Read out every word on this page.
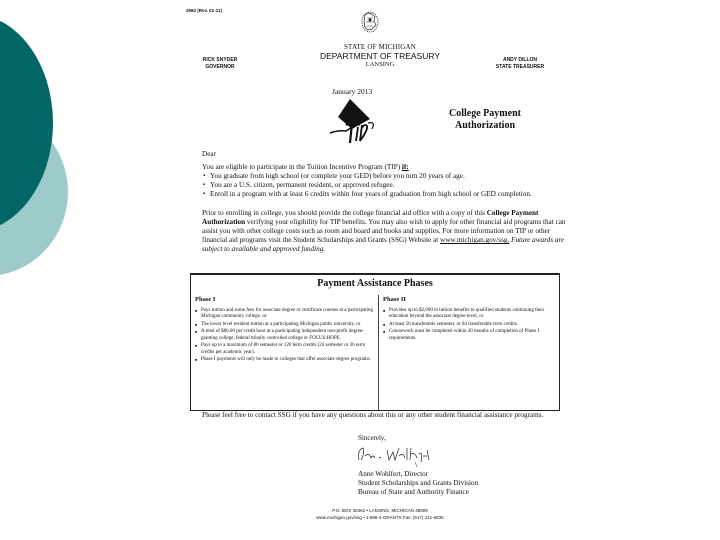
2682 (Rev. 01-11)
STATE OF MICHIGAN
DEPARTMENT OF TREASURY
LANSING
RICK SNYDER
GOVERNOR
ANDY DILLON
STATE TREASURER
January 2013
College Payment
Authorization
Dear
You are eligible to participate in the Tuition Incentive Program (TIP) if:
▪ You graduate from high school (or complete your GED) before you turn 20 years of age.
▪ You are a U.S. citizen, permanent resident, or approved refugee.
▪ Enroll in a program with at least 6 credits within four years of graduation from high school or GED completion.
Prior to enrolling in college, you should provide the college financial aid office with a copy of this College Payment Authorization verifying your eligibility for TIP benefits. You may also wish to apply for other financial aid programs that can assist you with other college costs such as room and board and books and supplies. For more information on TIP or other financial aid programs visit the Student Scholarships and Grants (SSG) Website at www.michigan.gov/ssg. Future awards are subject to available and approved funding.
Payment Assistance Phases
Phase I
■ Pays tuition and some fees for associate degree or certificate courses at a participating Michigan community college, or
■ The lower level resident tuition at a participating Michigan public university, or
■ A total of $86.00 per credit hour at a participating independent non-profit degree-granting college, federal tribally controlled college or FOCUS:HOPE.
■ Pays up to a maximum of 80 semester or 120 term credits (24 semester or 36 term credits per academic year).
■ Phase I payments will only be made to colleges that offer associate degree programs.
Phase II
■ Provides up to $2,000 in tuition benefits to qualified students continuing their education beyond the associate degree level, or
■ At least 56 transferable semester, or 84 transferable term credits.
■ Coursework must be completed within 30 months of completion of Phase I requirements.
Please feel free to contact SSG if you have any questions about this or any other student financial assistance programs.
Sincerely,
Anne Wohlfert, Director
Student Scholarships and Grants Division
Bureau of State and Authority Finance
P.O. BOX 30462 • LANSING, MICHIGAN 48909
www.michigan.gov/ssg • 1-888-4-GRANTS Fax: (517) 241-5835
